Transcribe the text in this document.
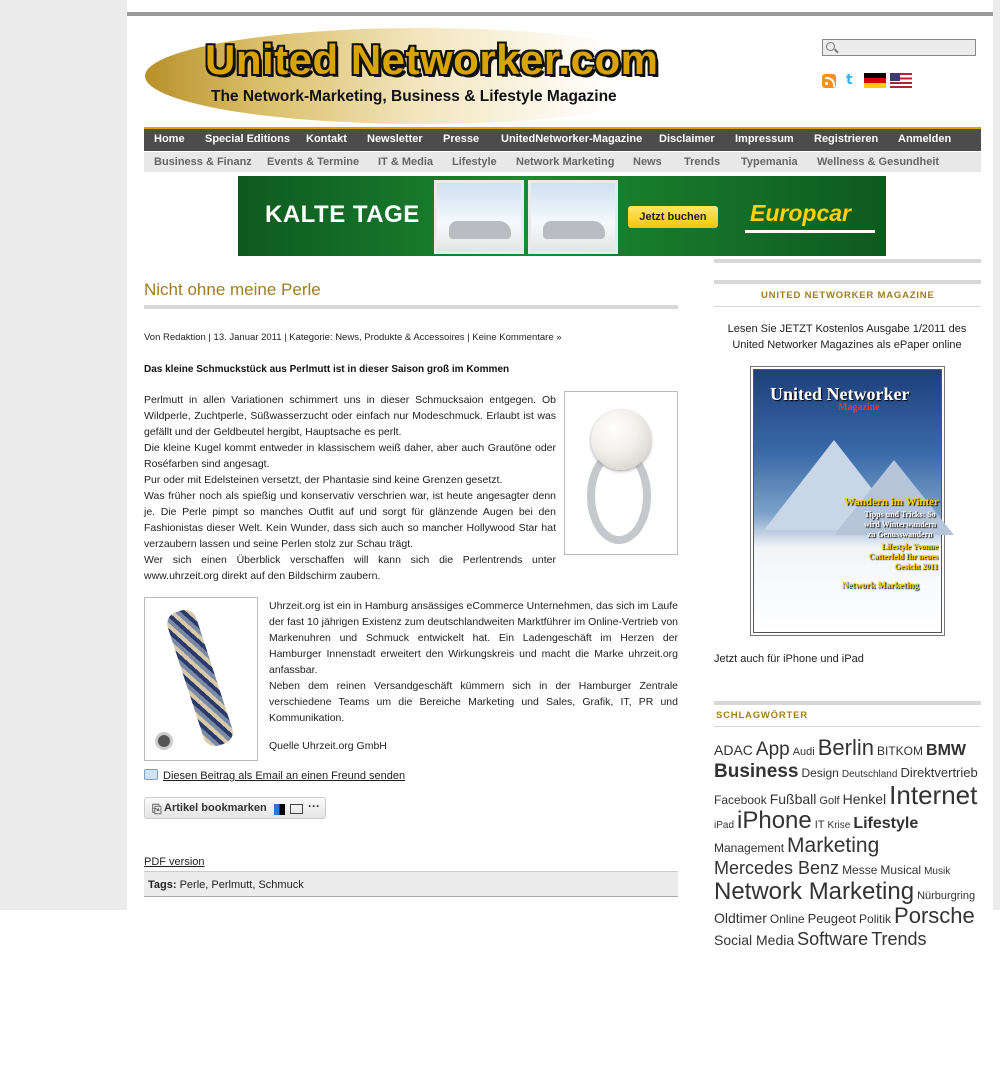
United Networker.com
The Network-Marketing, Business & Lifestyle Magazine
t
Home Special Editions Kontakt Newsletter Presse UnitedNetworker-Magazine Disclaimer Impressum Registrieren Anmelden
Business & Finanz Events & Termine IT & Media Lifestyle Network Marketing News Trends Typemania Wellness & Gesundheit
KALTE TAGE	Jetzt buchen	Europcar
Nicht ohne meine Perle
Von Redaktion | 13. Januar 2011 | Kategorie: News, Produkte & Accessoires | Keine Kommentare »
Das kleine Schmuckstück aus Perlmutt ist in dieser Saison groß im Kommen
Perlmutt in allen Variationen schimmert uns in dieser Schmucksaion entgegen. Ob Wildperle, Zuchtperle, Süßwasserzucht oder einfach nur Modeschmuck. Erlaubt ist was gefällt und der Geldbeutel hergibt, Hauptsache es perlt.
Die kleine Kugel kommt entweder in klassischem weiß daher, aber auch Grautöne oder Roséfarben sind angesagt.
Pur oder mit Edelsteinen versetzt, der Phantasie sind keine Grenzen gesetzt.
Was früher noch als spießig und konservativ verschrien war, ist heute angesagter denn je. Die Perle pimpt so manches Outfit auf und sorgt für glänzende Augen bei den Fashionistas dieser Welt. Kein Wunder, dass sich auch so mancher Hollywood Star hat verzaubern lassen und seine Perlen stolz zur Schau trägt.
Wer sich einen Überblick verschaffen will kann sich die Perlentrends unter www.uhrzeit.org direkt auf den Bildschirm zaubern.
Uhrzeit.org ist ein in Hamburg ansässiges eCommerce Unternehmen, das sich im Laufe der fast 10 jährigen Existenz zum deutschlandweiten Marktführer im Online-Vertrieb von Markenuhren und Schmuck entwickelt hat. Ein Ladengeschäft im Herzen der Hamburger Innenstadt erweitert den Wirkungskreis und macht die Marke uhrzeit.org anfassbar.
Neben dem reinen Versandgeschäft kümmern sich in der Hamburger Zentrale verschiedene Teams um die Bereiche Marketing und Sales, Grafik, IT, PR und Kommunikation.
Quelle Uhrzeit.org GmbH
Diesen Beitrag als Email an einen Freund senden
⎘ Artikel bookmarken	···
PDF version
Tags: Perle, Perlmutt, Schmuck
UNITED NETWORKER MAGAZINE
Lesen Sie JETZT Kostenlos Ausgabe 1/2011 des United Networker Magazines als ePaper online
United Networker
Magazine
Wandern im Winter
Tipps und Tricks: So wird Winterwandern zu Genusswandern
Lifestyle Yvonne Catterfeld Ihr neues Gesicht 2011
Network Marketing
Jetzt auch für iPhone und iPad
SCHLAGWÖRTER
ADAC App Audi Berlin BITKOM BMWBusiness Design Deutschland DirektvertriebFacebook Fußball Golf Henkel InternetiPad iPhone IT Krise LifestyleManagement MarketingMercedes Benz Messe Musical MusikNetwork Marketing NürburgringOldtimer Online Peugeot Politik PorscheSocial Media Software Trends
